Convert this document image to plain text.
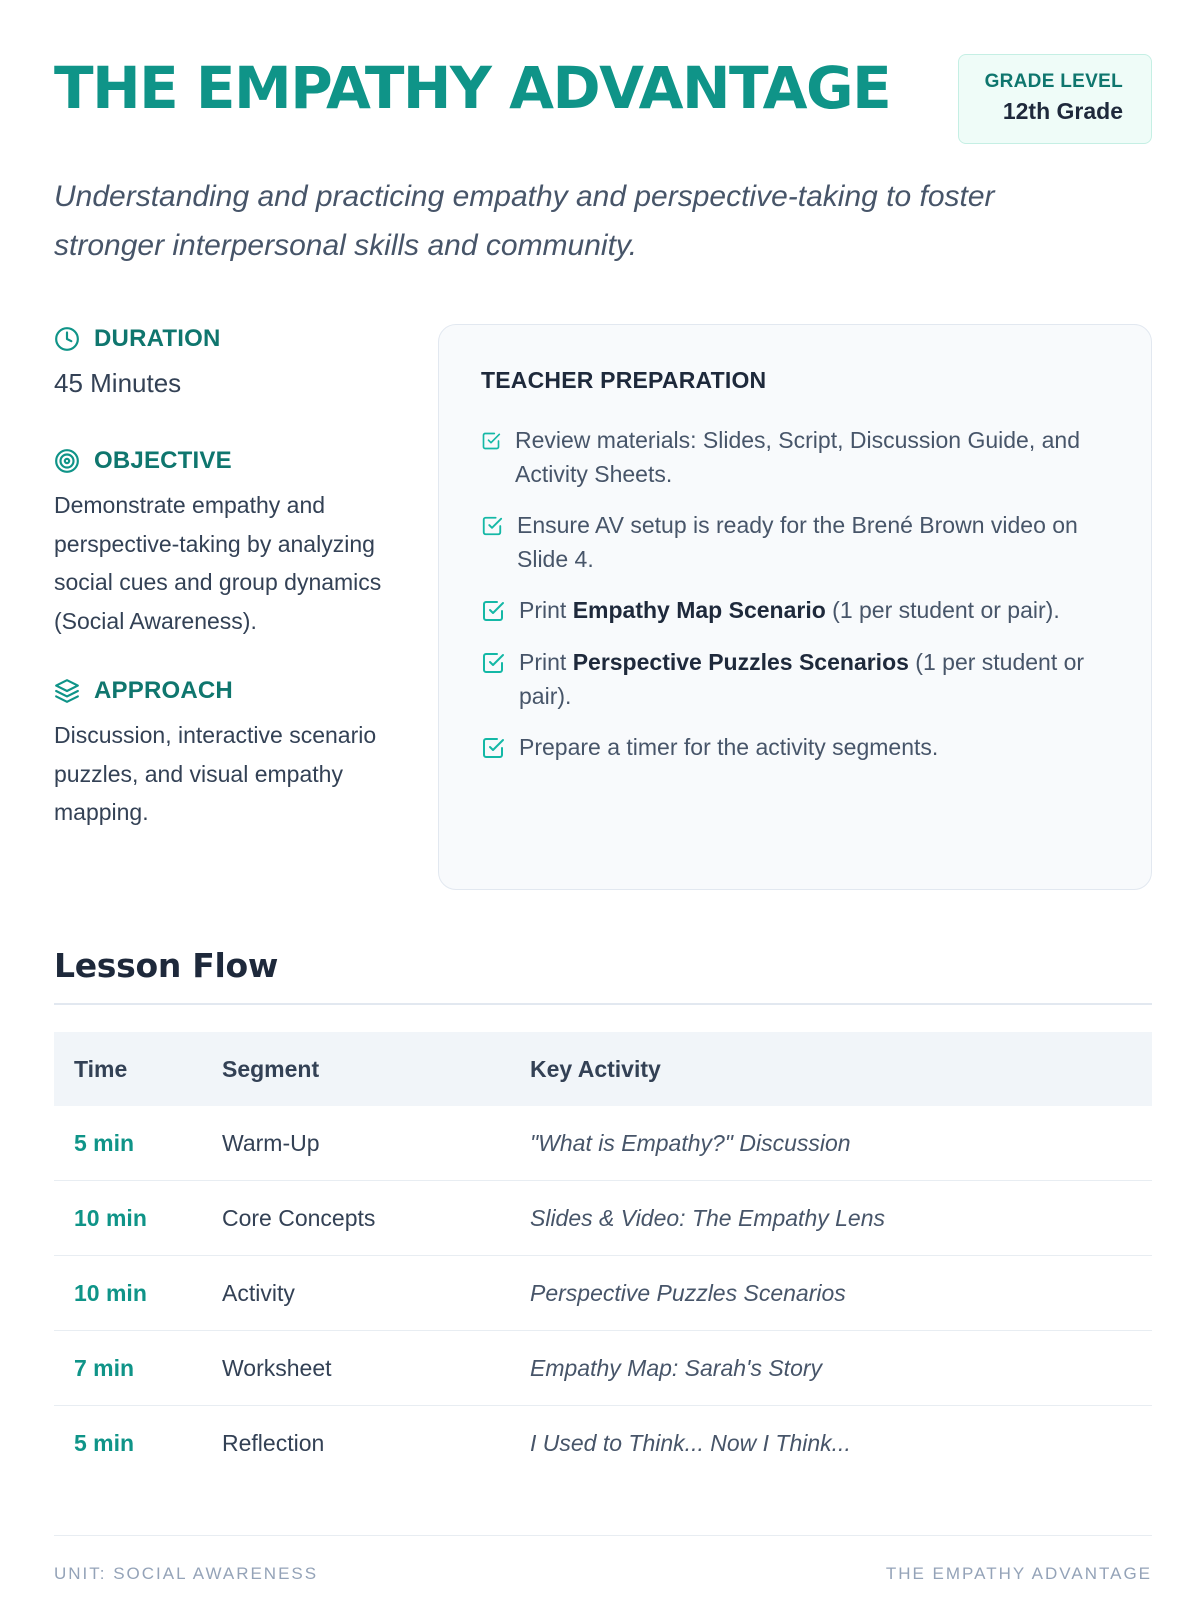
THE EMPATHY ADVANTAGE	GRADE LEVEL
12th Grade

Understanding and practicing empathy and perspective-taking to foster stronger interpersonal skills and community.

DURATION
45 Minutes
OBJECTIVE

Demonstrate empathy and perspective-taking by analyzing social cues and group dynamics (Social Awareness).

APPROACH

Discussion, interactive scenario puzzles, and visual empathy mapping.

TEACHER PREPARATION
Review materials: Slides, Script, Discussion Guide, and Activity Sheets.
Ensure AV setup is ready for the Brené Brown video on Slide 4.
Print Empathy Map Scenario (1 per student or pair).
Print Perspective Puzzles Scenarios (1 per student or pair).
Prepare a timer for the activity segments.
Lesson Flow
Time	Segment	Key Activity
5 min	Warm-Up	"What is Empathy?" Discussion
10 min	Core Concepts	Slides & Video: The Empathy Lens
10 min	Activity	Perspective Puzzles Scenarios
7 min	Worksheet	Empathy Map: Sarah's Story
5 min	Reflection	I Used to Think... Now I Think...
UNIT: SOCIAL AWARENESS	THE EMPATHY ADVANTAGE
